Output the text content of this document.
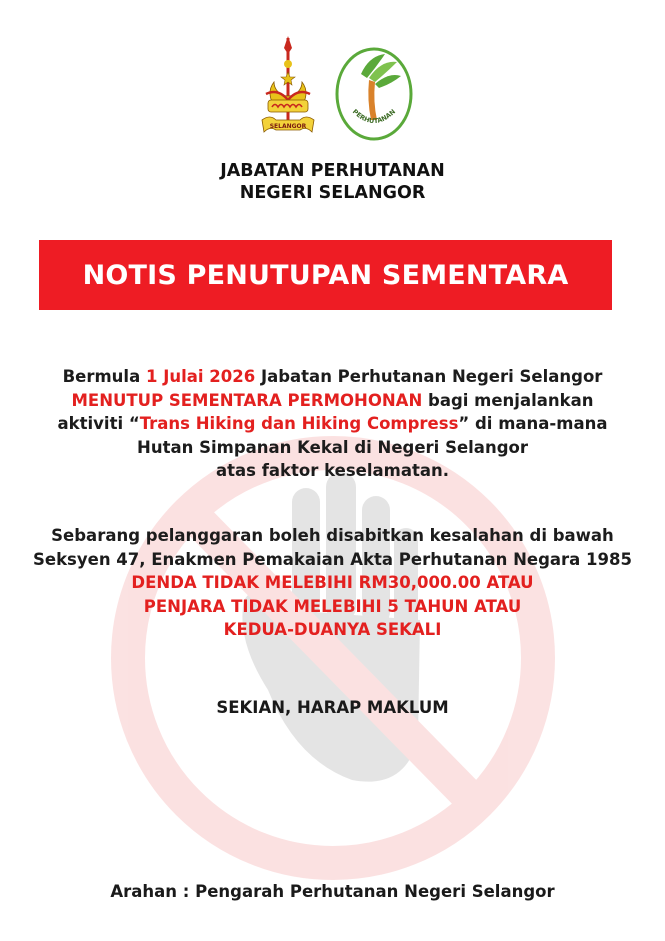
SELANGOR
PERHUTANAN
JABATAN PERHUTANAN
NEGERI SELANGOR
NOTIS PENUTUPAN SEMENTARA
Bermula 1 Julai 2026 Jabatan Perhutanan Negeri Selangor
MENUTUP SEMENTARA PERMOHONAN bagi menjalankan
aktiviti “Trans Hiking dan Hiking Compress” di mana-mana
Hutan Simpanan Kekal di Negeri Selangor
atas faktor keselamatan.
Sebarang pelanggaran boleh disabitkan kesalahan di bawah
Seksyen 47, Enakmen Pemakaian Akta Perhutanan Negara 1985
DENDA TIDAK MELEBIHI RM30,000.00 ATAU
PENJARA TIDAK MELEBIHI 5 TAHUN ATAU
KEDUA-DUANYA SEKALI
SEKIAN, HARAP MAKLUM
Arahan : Pengarah Perhutanan Negeri Selangor
